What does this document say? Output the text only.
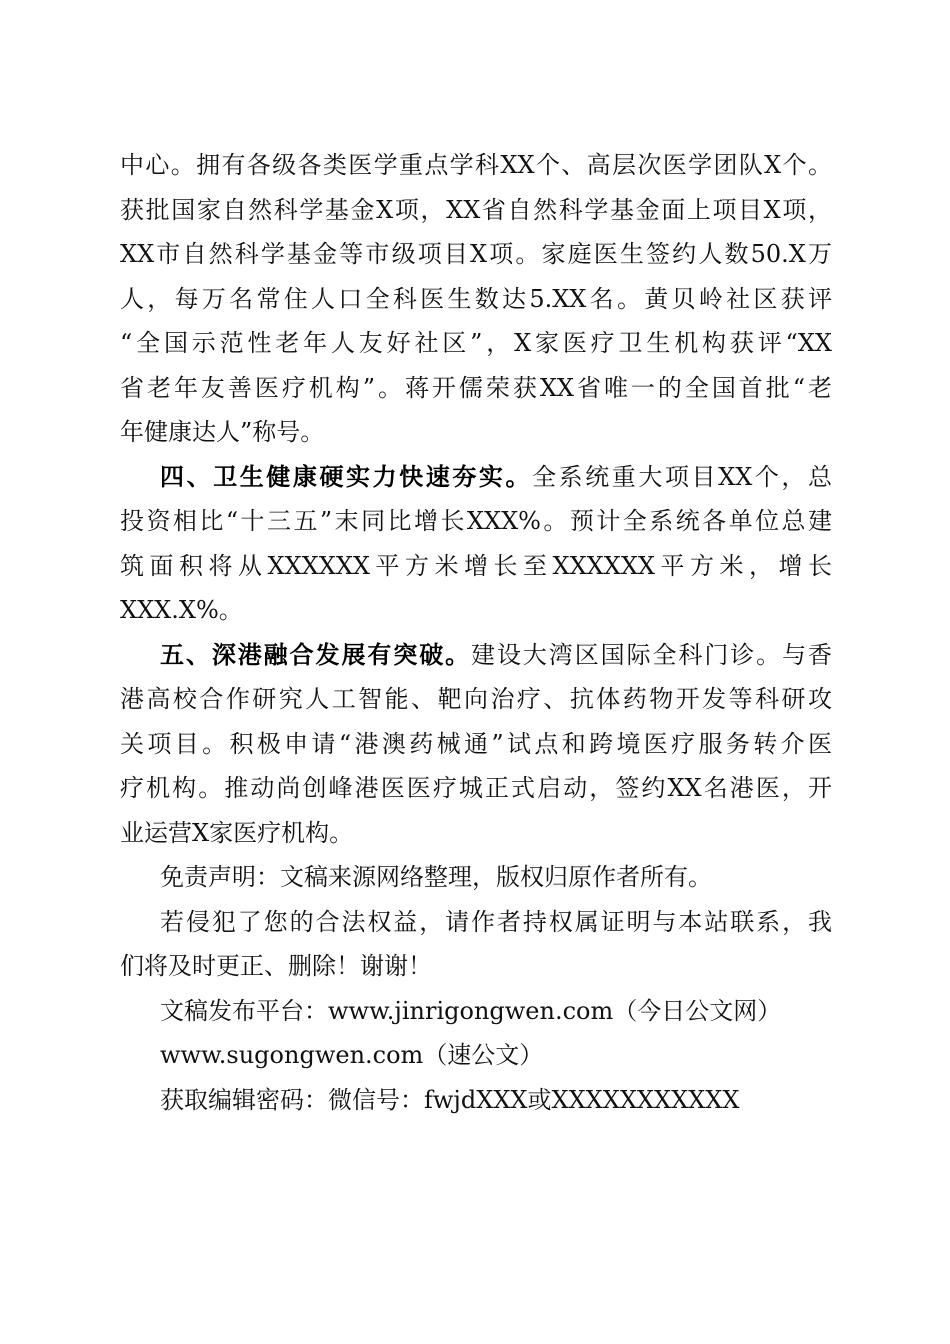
中心。拥有各级各类医学重点学科XX个、高层次医学团队X个。
获批国家自然科学基金X项，XX省自然科学基金面上项目X项，
XX市自然科学基金等市级项目X项。家庭医生签约人数50.X万
人，每万名常住人口全科医生数达5.XX名。黄贝岭社区获评
“全国示范性老年人友好社区”，X家医疗卫生机构获评“XX
省老年友善医疗机构”。蒋开儒荣获XX省唯一的全国首批“老
年健康达人”称号。
四、卫生健康硬实力快速夯实。全系统重大项目XX个，总
投资相比“十三五”末同比增长XXX%。预计全系统各单位总建
筑面积将从XXXXXX平方米增长至XXXXXX平方米，增长
XXX.X%。
五、深港融合发展有突破。建设大湾区国际全科门诊。与香
港高校合作研究人工智能、靶向治疗、抗体药物开发等科研攻
关项目。积极申请“港澳药械通”试点和跨境医疗服务转介医
疗机构。推动尚创峰港医医疗城正式启动，签约XX名港医，开
业运营X家医疗机构。
免责声明：文稿来源网络整理，版权归原作者所有。
若侵犯了您的合法权益，请作者持权属证明与本站联系，我
们将及时更正、删除！谢谢！
文稿发布平台：www.jinrigongwen.com（今日公文网）
www.sugongwen.com（速公文）
获取编辑密码：微信号：fwjdXXX或XXXXXXXXXXX
